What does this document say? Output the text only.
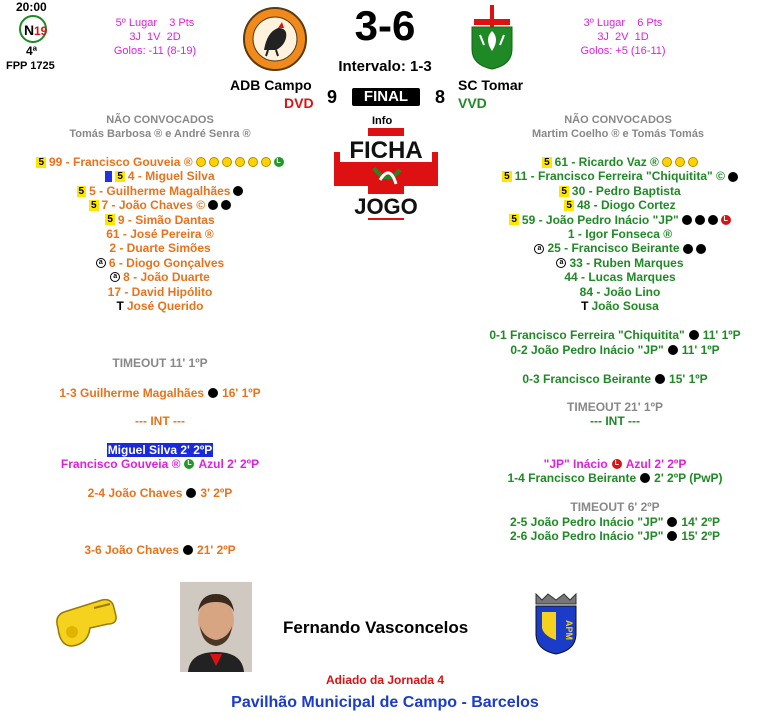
20:00
N 19
4ª
FPP 1725
5º Lugar 3 Pts
3J  1V  2D
Golos: -11 (8-19)
3º Lugar 6 Pts
3J  2V  1D
Golos: +5 (16-11)
3-6
Intervalo: 1-3
ADB Campo	SC Tomar
DVD	VVD
9	8
FINAL
Info
FICHA
JOGO
NÃO CONVOCADOS
Tomás Barbosa ® e André Senra ®
NÃO CONVOCADOS
Martim Coelho ® e Tomás Tomás
5 99 - Francisco Gouveia ®	L
5 4 - Miguel Silva
5 5 - Guilherme Magalhães
5 7 - João Chaves ©
5 9 - Simão Dantas
61 - José Pereira ®
2 - Duarte Simões
a 6 - Diogo Gonçalves
a 8 - João Duarte
17 - David Hipólito
T José Querido
5 61 - Ricardo Vaz ®
5 11 - Francisco Ferreira "Chiquitita" ©
5 30 - Pedro Baptista
5 48 - Diogo Cortez
5 59 - João Pedro Inácio "JP"	L
1 - Igor Fonseca ®
a 25 - Francisco Beirante
a 33 - Ruben Marques
44 - Lucas Marques
84 - João Lino
T João Sousa
TIMEOUT 11' 1ºP
1-3 Guilherme Magalhães 16' 1ºP
--- INT ---
Miguel Silva 2' 2ºP
Francisco Gouveia ® L Azul 2' 2ºP
2-4 João Chaves 3' 2ºP
3-6 João Chaves 21' 2ºP
0-1 Francisco Ferreira "Chiquitita" 11' 1ºP
0-2 João Pedro Inácio "JP" 11' 1ºP
0-3 Francisco Beirante 15' 1ºP
TIMEOUT 21' 1ºP
--- INT ---
"JP" Inácio L Azul 2' 2ºP
1-4 Francisco Beirante 2' 2ºP (PwP)
TIMEOUT 6' 2ºP
2-5 João Pedro Inácio "JP" 14' 2ºP
2-6 João Pedro Inácio "JP" 15' 2ºP
Fernando Vasconcelos	APM
Adiado da Jornada 4
Pavilhão Municipal de Campo - Barcelos
